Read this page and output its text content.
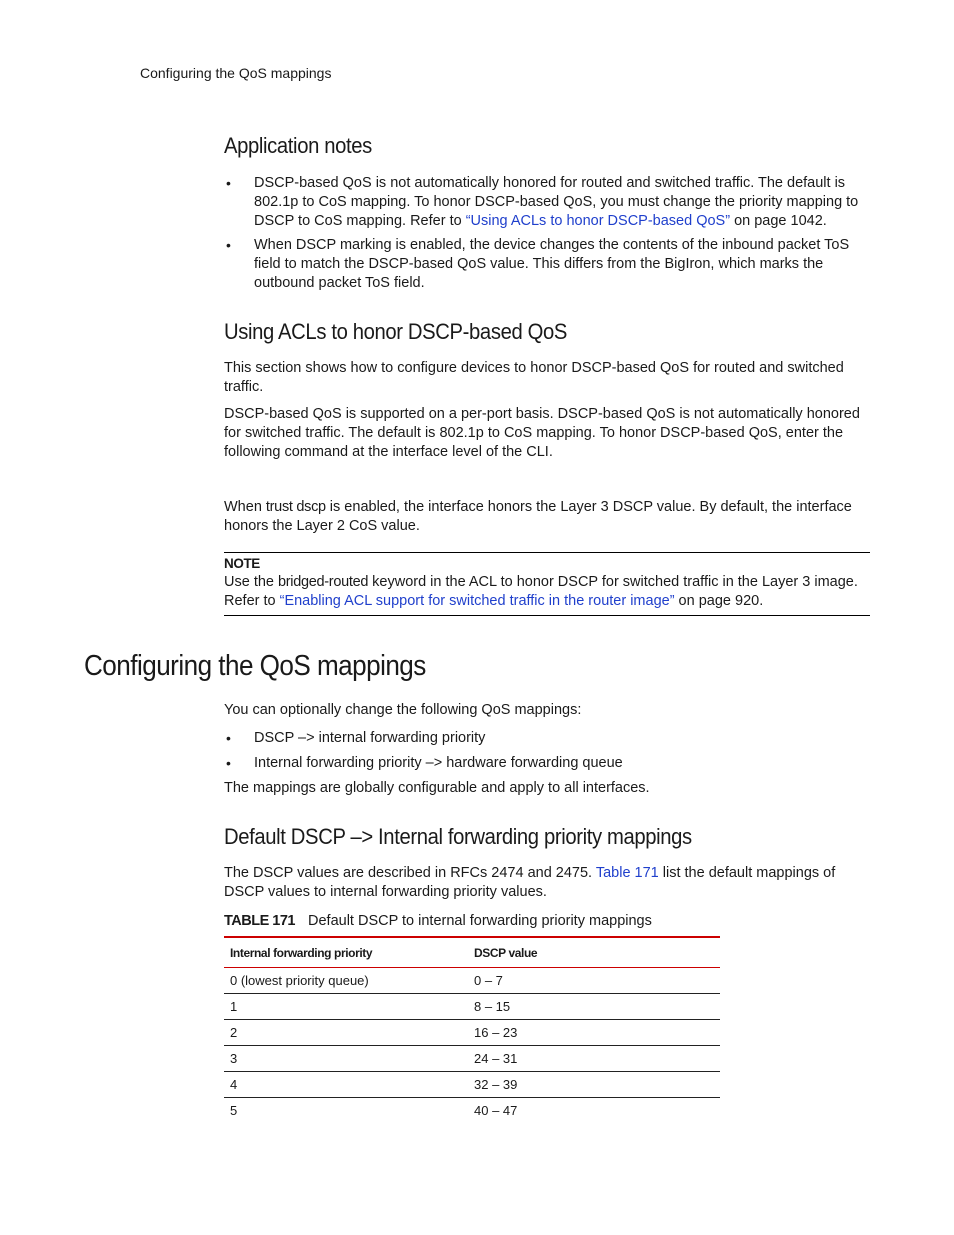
Configuring the QoS mappings
Application notes
• DSCP-based QoS is not automatically honored for routed and switched traffic. The default is 802.1p to CoS mapping. To honor DSCP-based QoS, you must change the priority mapping to DSCP to CoS mapping. Refer to “Using ACLs to honor DSCP-based QoS” on page 1042.
• When DSCP marking is enabled, the device changes the contents of the inbound packet ToS field to match the DSCP-based QoS value. This differs from the BigIron, which marks the outbound packet ToS field.
Using ACLs to honor DSCP-based QoS
This section shows how to configure devices to honor DSCP-based QoS for routed and switched traffic.
DSCP-based QoS is supported on a per-port basis. DSCP-based QoS is not automatically honored for switched traffic. The default is 802.1p to CoS mapping. To honor DSCP-based QoS, enter the following command at the interface level of the CLI.
When trust dscp is enabled, the interface honors the Layer 3 DSCP value. By default, the interface honors the Layer 2 CoS value.
NOTE
Use the bridged-routed keyword in the ACL to honor DSCP for switched traffic in the Layer 3 image. Refer to “Enabling ACL support for switched traffic in the router image” on page 920.
Configuring the QoS mappings
You can optionally change the following QoS mappings:
• DSCP –> internal forwarding priority
• Internal forwarding priority –> hardware forwarding queue
The mappings are globally configurable and apply to all interfaces.
Default DSCP –> Internal forwarding priority mappings
The DSCP values are described in RFCs 2474 and 2475. Table 171 list the default mappings of DSCP values to internal forwarding priority values.
TABLE 171 Default DSCP to internal forwarding priority mappings
Internal forwarding priority	DSCP value
0 (lowest priority queue)	0 – 7
1	8 – 15
2	16 – 23
3	24 – 31
4	32 – 39
5	40 – 47
